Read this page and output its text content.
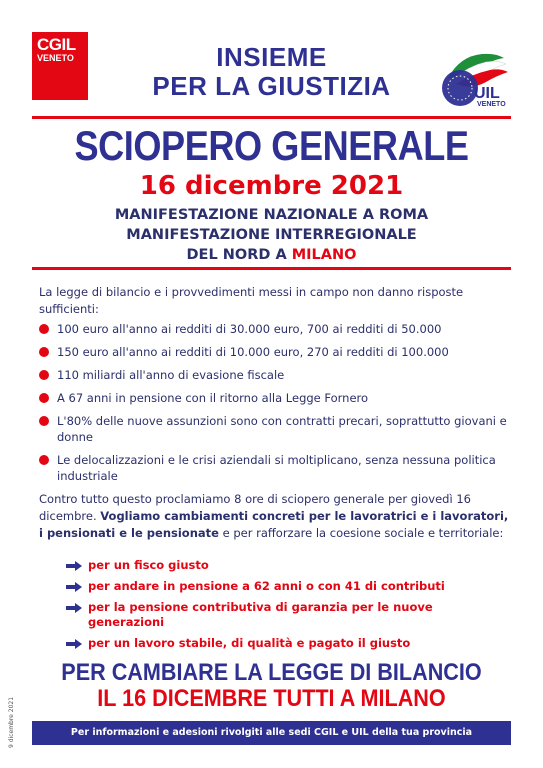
CGIL
VENETO
UIL
VENETO
INSIEME
PER LA GIUSTIZIA
SCIOPERO GENERALE
16 dicembre 2021
MANIFESTAZIONE NAZIONALE A ROMA
MANIFESTAZIONE INTERREGIONALE
DEL NORD A MILANO

La legge di bilancio e i provvedimenti messi in campo non danno risposte sufficienti:

100 euro all'anno ai redditi di 30.000 euro, 700 ai redditi di 50.000
150 euro all'anno ai redditi di 10.000 euro, 270 ai redditi di 100.000
110 miliardi all'anno di evasione fiscale
A 67 anni in pensione con il ritorno alla Legge Fornero
L'80% delle nuove assunzioni sono con contratti precari, soprattutto giovani e donne
Le delocalizzazioni e le crisi aziendali si moltiplicano, senza nessuna politica industriale

Contro tutto questo proclamiamo 8 ore di sciopero generale per giovedì 16 dicembre. Vogliamo cambiamenti concreti per le lavoratrici e i lavoratori, i pensionati e le pensionate e per rafforzare la coesione sociale e territoriale:

per un fisco giusto
per andare in pensione a 62 anni o con 41 di contributi
per la pensione contributiva di garanzia per le nuove generazioni
per un lavoro stabile, di qualità e pagato il giusto
PER CAMBIARE LA LEGGE DI BILANCIO
IL 16 DICEMBRE TUTTI A MILANO
Per informazioni e adesioni rivolgiti alle sedi CGIL e UIL della tua provincia
9 dicembre 2021
